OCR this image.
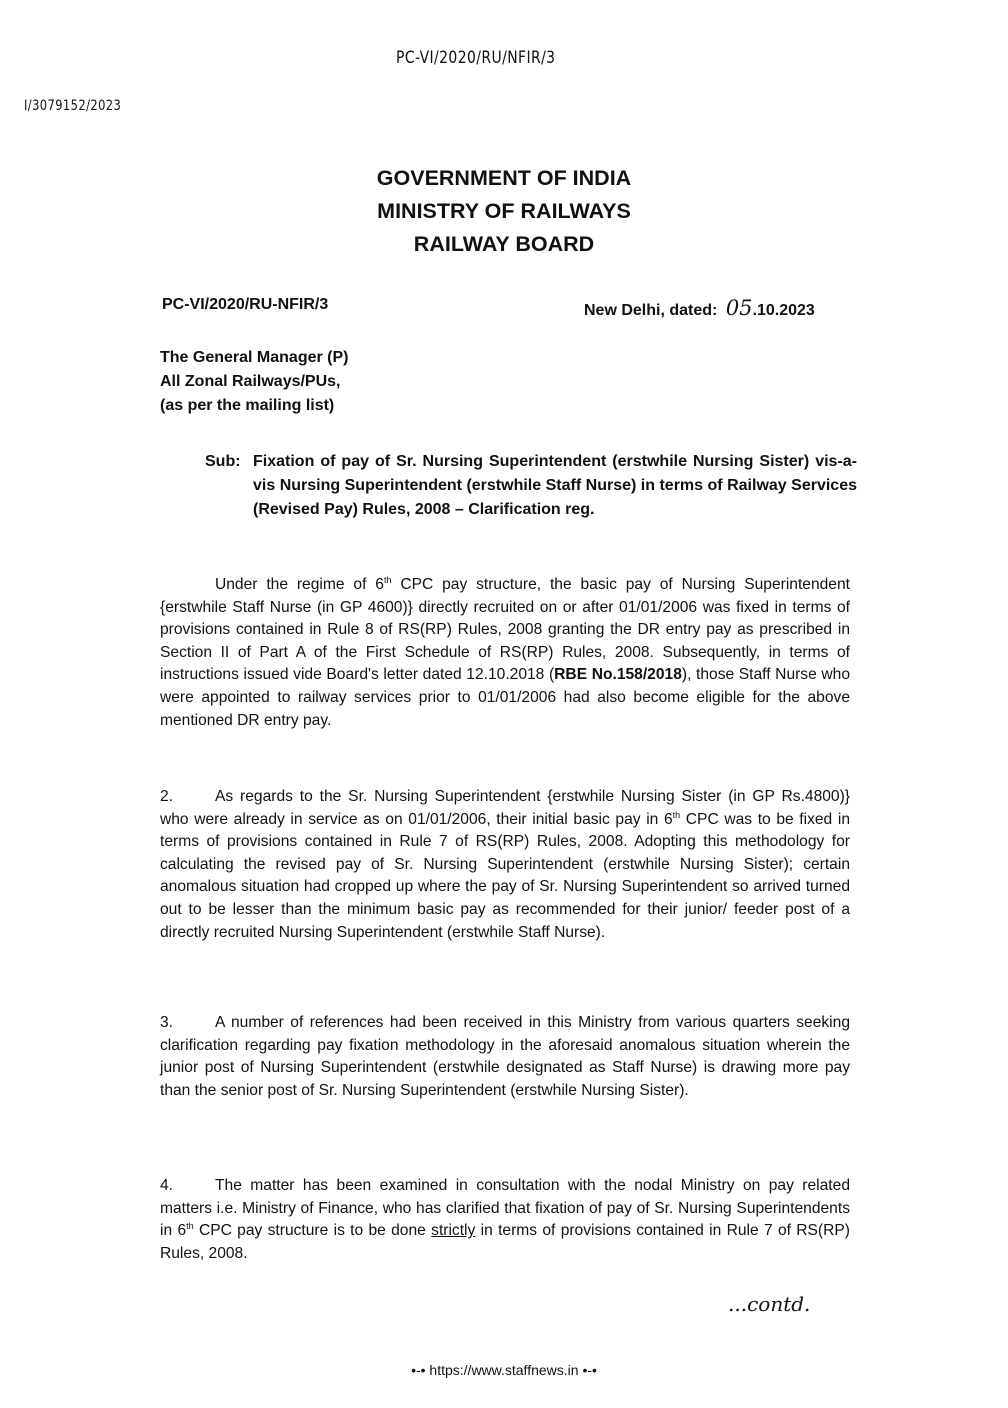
PC-VI/2020/RU/NFIR/3
I/3079152/2023
GOVERNMENT OF INDIA
MINISTRY OF RAILWAYS
RAILWAY BOARD
PC-VI/2020/RU-NFIR/3	New Delhi, dated: 05.10.2023
The General Manager (P)
All Zonal Railways/PUs,
(as per the mailing list)
Sub: Fixation of pay of Sr. Nursing Superintendent (erstwhile Nursing Sister) vis-a-vis Nursing Superintendent (erstwhile Staff Nurse) in terms of Railway Services (Revised Pay) Rules, 2008 – Clarification reg.
Under the regime of 6th CPC pay structure, the basic pay of Nursing Superintendent {erstwhile Staff Nurse (in GP 4600)} directly recruited on or after 01/01/2006 was fixed in terms of provisions contained in Rule 8 of RS(RP) Rules, 2008 granting the DR entry pay as prescribed in Section II of Part A of the First Schedule of RS(RP) Rules, 2008. Subsequently, in terms of instructions issued vide Board's letter dated 12.10.2018 (RBE No.158/2018), those Staff Nurse who were appointed to railway services prior to 01/01/2006 had also become eligible for the above mentioned DR entry pay.
2.	As regards to the Sr. Nursing Superintendent {erstwhile Nursing Sister (in GP Rs.4800)} who were already in service as on 01/01/2006, their initial basic pay in 6th CPC was to be fixed in terms of provisions contained in Rule 7 of RS(RP) Rules, 2008. Adopting this methodology for calculating the revised pay of Sr. Nursing Superintendent (erstwhile Nursing Sister); certain anomalous situation had cropped up where the pay of Sr. Nursing Superintendent so arrived turned out to be lesser than the minimum basic pay as recommended for their junior/ feeder post of a directly recruited Nursing Superintendent (erstwhile Staff Nurse).
3.	A number of references had been received in this Ministry from various quarters seeking clarification regarding pay fixation methodology in the aforesaid anomalous situation wherein the junior post of Nursing Superintendent (erstwhile designated as Staff Nurse) is drawing more pay than the senior post of Sr. Nursing Superintendent (erstwhile Nursing Sister).
4.	The matter has been examined in consultation with the nodal Ministry on pay related matters i.e. Ministry of Finance, who has clarified that fixation of pay of Sr. Nursing Superintendents in 6th CPC pay structure is to be done strictly in terms of provisions contained in Rule 7 of RS(RP) Rules, 2008.
...contd.
•-• https://www.staffnews.in •-•
